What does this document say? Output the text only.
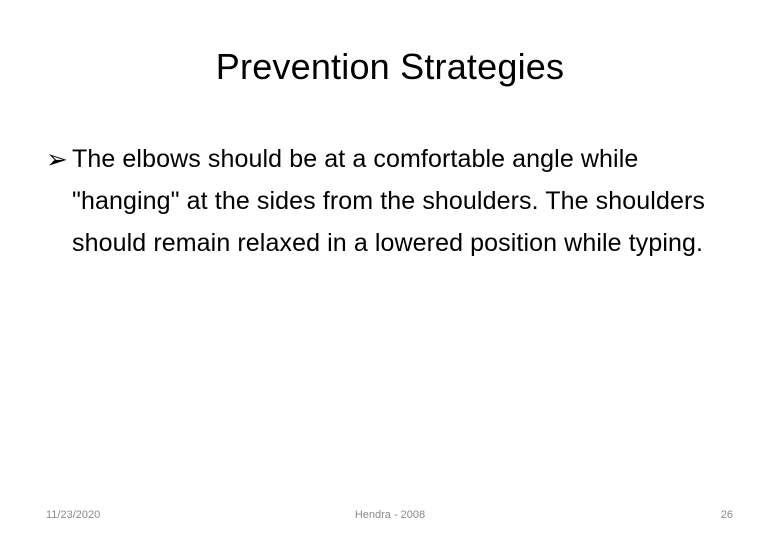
Prevention Strategies
➢ The elbows should be at a comfortable angle while "hanging" at the sides from the shoulders. The shoulders should remain relaxed in a lowered position while typing.
11/23/2020	Hendra - 2008	26
